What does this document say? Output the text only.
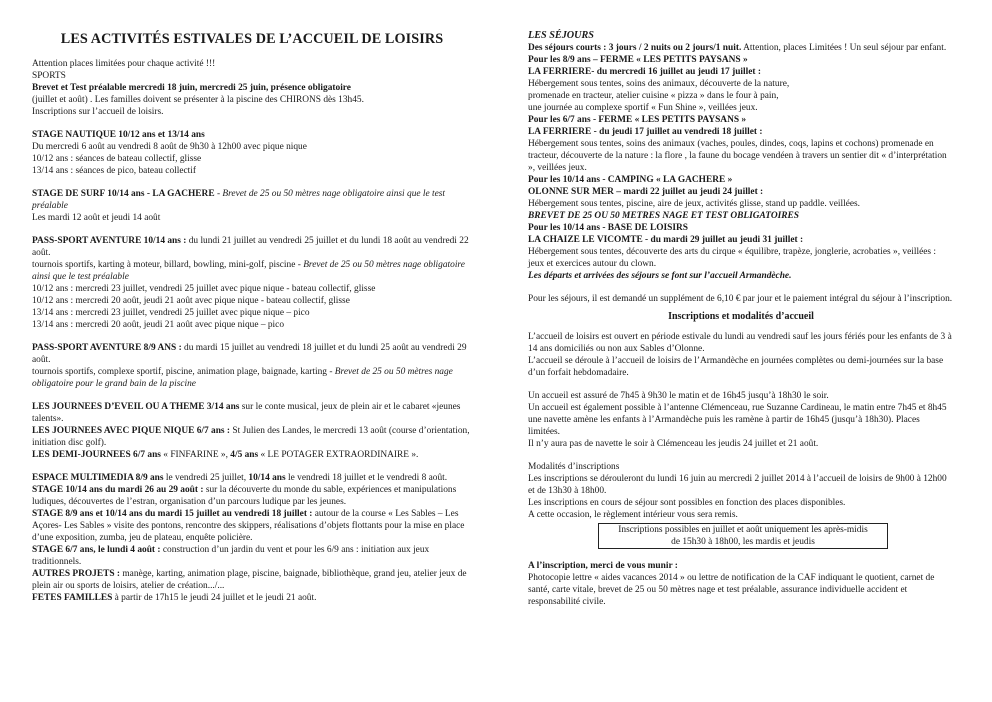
LES ACTIVITÉS ESTIVALES DE L’ACCUEIL DE LOISIRS

Attention places limitées pour chaque activité !!!

SPORTS

Brevet et Test préalable mercredi 18 juin, mercredi 25 juin, présence obligatoire

(juillet et août) . Les familles doivent se présenter à la piscine des CHIRONS dès 13h45.

Inscriptions sur l’accueil de loisirs.

STAGE NAUTIQUE 10/12 ans et 13/14 ans

Du mercredi 6 août au vendredi 8 août de 9h30 à 12h00 avec pique nique

10/12 ans : séances de bateau collectif, glisse

13/14 ans : séances de pico, bateau collectif

STAGE DE SURF 10/14 ans - LA GACHERE - Brevet de 25 ou 50 mètres nage obligatoire ainsi que le test préalable

Les mardi 12 août et jeudi 14 août

PASS-SPORT AVENTURE 10/14 ans : du lundi 21 juillet au vendredi 25 juillet et du lundi 18 août au vendredi 22 août.

tournois sportifs, karting à moteur, billard, bowling, mini-golf, piscine - Brevet de 25 ou 50 mètres nage obligatoire ainsi que le test préalable

10/12 ans : mercredi 23 juillet, vendredi 25 juillet avec pique nique - bateau collectif, glisse

10/12 ans : mercredi 20 août, jeudi 21 août avec pique nique - bateau collectif, glisse

13/14 ans : mercredi 23 juillet, vendredi 25 juillet avec pique nique – pico

13/14 ans : mercredi 20 août, jeudi 21 août avec pique nique – pico

PASS-SPORT AVENTURE 8/9 ANS : du mardi 15 juillet au vendredi 18 juillet et du lundi 25 août au vendredi 29 août.

tournois sportifs, complexe sportif, piscine, animation plage, baignade, karting - Brevet de 25 ou 50 mètres nage obligatoire pour le grand bain de la piscine

LES JOURNEES D’EVEIL OU A THEME 3/14 ans sur le conte musical, jeux de plein air et le cabaret «jeunes talents».

LES JOURNEES AVEC PIQUE NIQUE 6/7 ans : St Julien des Landes, le mercredi 13 août (course d’orientation, initiation disc golf).

LES DEMI-JOURNEES 6/7 ans « FINFARINE », 4/5 ans « LE POTAGER EXTRAORDINAIRE ».

ESPACE MULTIMEDIA 8/9 ans le vendredi 25 juillet, 10/14 ans le vendredi 18 juillet et le vendredi 8 août.

STAGE 10/14 ans du mardi 26 au 29 août : sur la découverte du monde du sable, expériences et manipulations ludiques, découvertes de l’estran, organisation d’un parcours ludique par les jeunes.

STAGE 8/9 ans et 10/14 ans du mardi 15 juillet au vendredi 18 juillet : autour de la course « Les Sables – Les Açores- Les Sables » visite des pontons, rencontre des skippers, réalisations d’objets flottants pour la mise en place d’une exposition, zumba, jeu de plateau, enquête policière.

STAGE 6/7 ans, le lundi 4 août : construction d’un jardin du vent et pour les 6/9 ans : initiation aux jeux traditionnels.

AUTRES PROJETS : manège, karting, animation plage, piscine, baignade, bibliothèque, grand jeu, atelier jeux de plein air ou sports de loisirs, atelier de création.../...

FETES FAMILLES à partir de 17h15 le jeudi 24 juillet et le jeudi 21 août.

LES SÉJOURS

Des séjours courts : 3 jours / 2 nuits ou 2 jours/1 nuit. Attention, places Limitées ! Un seul séjour par enfant.

Pour les 8/9 ans – FERME « LES PETITS PAYSANS »

LA FERRIERE- du mercredi 16 juillet au jeudi 17 juillet :

Hébergement sous tentes, soins des animaux, découverte de la nature,

promenade en tracteur, atelier cuisine « pizza » dans le four à pain,

une journée au complexe sportif « Fun Shine », veillées jeux.

Pour les 6/7 ans - FERME « LES PETITS PAYSANS »

LA FERRIERE - du jeudi 17 juillet au vendredi 18 juillet :

Hébergement sous tentes, soins des animaux (vaches, poules, dindes, coqs, lapins et cochons) promenade en tracteur, découverte de la nature : la flore , la faune du bocage vendéen à travers un sentier dit « d’interprétation », veillées jeux.

Pour les 10/14 ans - CAMPING « LA GACHERE »

OLONNE SUR MER – mardi 22 juillet au jeudi 24 juillet :

Hébergement sous tentes, piscine, aire de jeux, activités glisse, stand up paddle. veillées.

BREVET DE 25 OU 50 METRES NAGE ET TEST OBLIGATOIRES

Pour les 10/14 ans - BASE DE LOISIRS

LA CHAIZE LE VICOMTE - du mardi 29 juillet au jeudi 31 juillet :

Hébergement sous tentes, découverte des arts du cirque « équilibre, trapèze, jonglerie, acrobaties », veillées : jeux et exercices autour du clown.

Les départs et arrivées des séjours se font sur l’accueil Armandèche.

Pour les séjours, il est demandé un supplément de 6,10 € par jour et le paiement intégral du séjour à l’inscription.

Inscriptions et modalités d’accueil

L’accueil de loisirs est ouvert en période estivale du lundi au vendredi sauf les jours fériés pour les enfants de 3 à 14 ans domiciliés ou non aux Sables d’Olonne.

L’accueil se déroule à l’accueil de loisirs de l’Armandèche en journées complètes ou demi-journées sur la base d’un forfait hebdomadaire.

Un accueil est assuré de 7h45 à 9h30 le matin et de 16h45 jusqu’à 18h30 le soir.

Un accueil est également possible à l’antenne Clémenceau, rue Suzanne Cardineau, le matin entre 7h45 et 8h45 une navette amène les enfants à l’Armandèche puis les ramène à partir de 16h45 (jusqu’à 18h30). Places limitées.

Il n’y aura pas de navette le soir à Clémenceau les jeudis 24 juillet et 21 août.

Modalités d’inscriptions

Les inscriptions se dérouleront du lundi 16 juin au mercredi 2 juillet 2014 à l’accueil de loisirs de 9h00 à 12h00 et de 13h30 à 18h00.

Les inscriptions en cours de séjour sont possibles en fonction des places disponibles.

A cette occasion, le règlement intérieur vous sera remis.

Inscriptions possibles en juillet et août uniquement les après-midis
de 15h30 à 18h00, les mardis et jeudis

A l’inscription, merci de vous munir :

Photocopie lettre « aides vacances 2014 » ou lettre de notification de la CAF indiquant le quotient, carnet de santé, carte vitale, brevet de 25 ou 50 mètres nage et test préalable, assurance individuelle accident et responsabilité civile.
